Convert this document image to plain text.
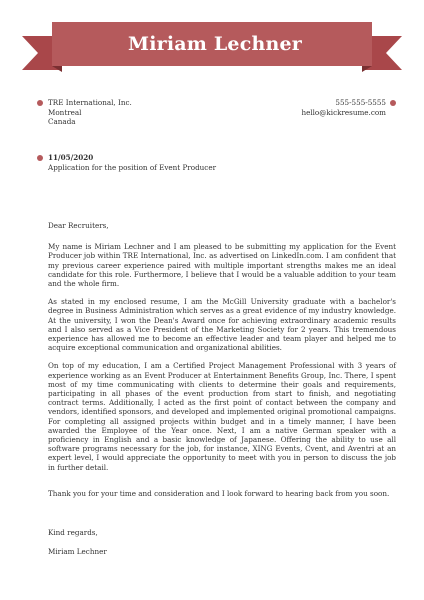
Miriam Lechner
TRE International, Inc.
Montreal
Canada
555-555-5555
hello@kickresume.com
11/05/2020
Application for the position of Event Producer

Dear Recruiters,

My name is Miriam Lechner and I am pleased to be submitting my application for the Event Producer job within TRE International, Inc. as advertised on LinkedIn.com. I am confident that my previous career experience paired with multiple important strengths makes me an ideal candidate for this role. Furthermore, I believe that I would be a valuable addition to your team and the whole firm.

As stated in my enclosed resume, I am the McGill University graduate with a bachelor's degree in Business Administration which serves as a great evidence of my industry knowledge. At the university, I won the Dean's Award once for achieving extraordinary academic results and I also served as a Vice President of the Marketing Society for 2 years. This tremendous experience has allowed me to become an effective leader and team player and helped me to acquire exceptional communication and organizational abilities.

On top of my education, I am a Certified Project Management Professional with 3 years of experience working as an Event Producer at Entertainment Benefits Group, Inc. There, I spent most of my time communicating with clients to determine their goals and requirements, participating in all phases of the event production from start to finish, and negotiating contract terms. Additionally, I acted as the first point of contact between the company and vendors, identified sponsors, and developed and implemented original promotional campaigns. For completing all assigned projects within budget and in a timely manner, I have been awarded the Employee of the Year once. Next, I am a native German speaker with a proficiency in English and a basic knowledge of Japanese. Offering the ability to use all software programs necessary for the job, for instance, XING Events, Cvent, and Aventri at an expert level, I would appreciate the opportunity to meet with you in person to discuss the job in further detail.

Thank you for your time and consideration and I look forward to hearing back from you soon.

Kind regards,

Miriam Lechner
